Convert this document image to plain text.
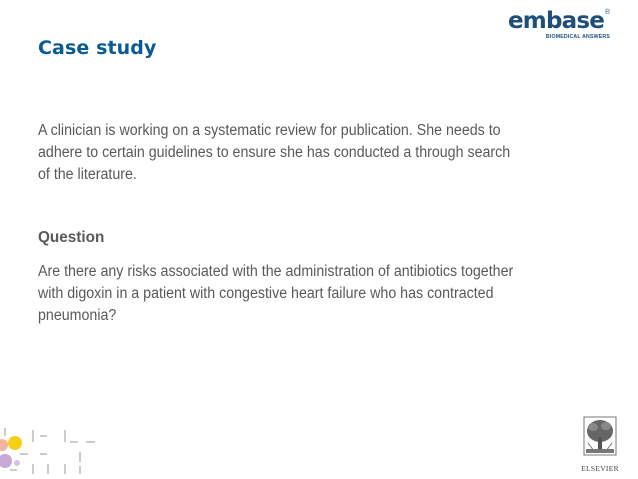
embase ®
BIOMEDICAL ANSWERS
Case study
A clinician is working on a systematic review for publication. She needs to adhere to certain guidelines to ensure she has conducted a through search of the literature.
Question
Are there any risks associated with the administration of antibiotics together with digoxin in a patient with congestive heart failure who has contracted pneumonia?
ELSEVIER
